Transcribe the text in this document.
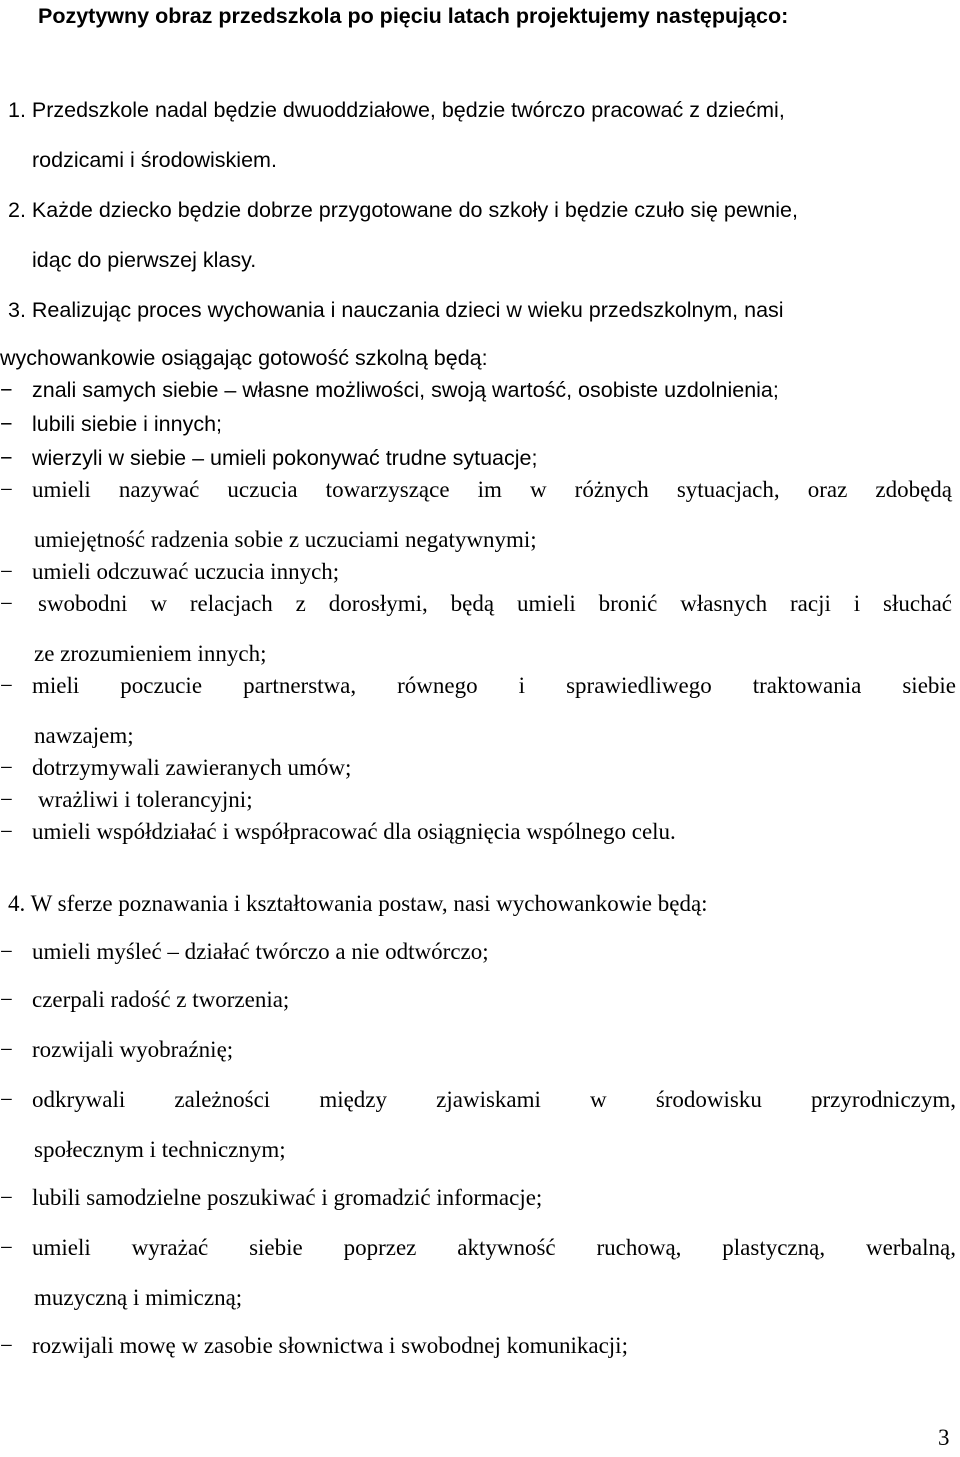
Pozytywny obraz przedszkola po pięciu latach projektujemy następująco:

1. Przedszkole nadal będzie dwuoddziałowe, będzie twórczo pracować z dziećmi,

rodzicami i środowiskiem.

2. Każde dziecko będzie dobrze przygotowane do szkoły i będzie czuło się pewnie,

idąc do pierwszej klasy.

3. Realizując proces wychowania i nauczania dzieci w wieku przedszkolnym, nasi

wychowankowie osiągając gotowość szkolną będą:

− znali samych siebie – własne możliwości, swoją wartość, osobiste uzdolnienia;
− lubili siebie i innych;
− wierzyli w siebie – umieli pokonywać trudne sytuacje;
− umieli nazywać uczucia towarzyszące im w różnych sytuacjach, oraz zdobędą

umiejętność radzenia sobie z uczuciami negatywnymi;

− umieli odczuwać uczucia innych;
− swobodni w relacjach z dorosłymi, będą umieli bronić własnych racji i słuchać

ze zrozumieniem innych;

− mieli poczucie partnerstwa, równego i sprawiedliwego traktowania siebie

nawzajem;

− dotrzymywali zawieranych umów;
− wrażliwi i tolerancyjni;
− umieli współdziałać i współpracować dla osiągnięcia wspólnego celu.

4. W sferze poznawania i kształtowania postaw, nasi wychowankowie będą:

− umieli myśleć – działać twórczo a nie odtwórczo;
− czerpali radość z tworzenia;
− rozwijali wyobraźnię;
− odkrywali zależności między zjawiskami w środowisku przyrodniczym,

społecznym i technicznym;

− lubili samodzielne poszukiwać i gromadzić informacje;
− umieli wyrażać siebie poprzez aktywność ruchową, plastyczną, werbalną,

muzyczną i mimiczną;

− rozwijali mowę w zasobie słownictwa i swobodnej komunikacji;

3
